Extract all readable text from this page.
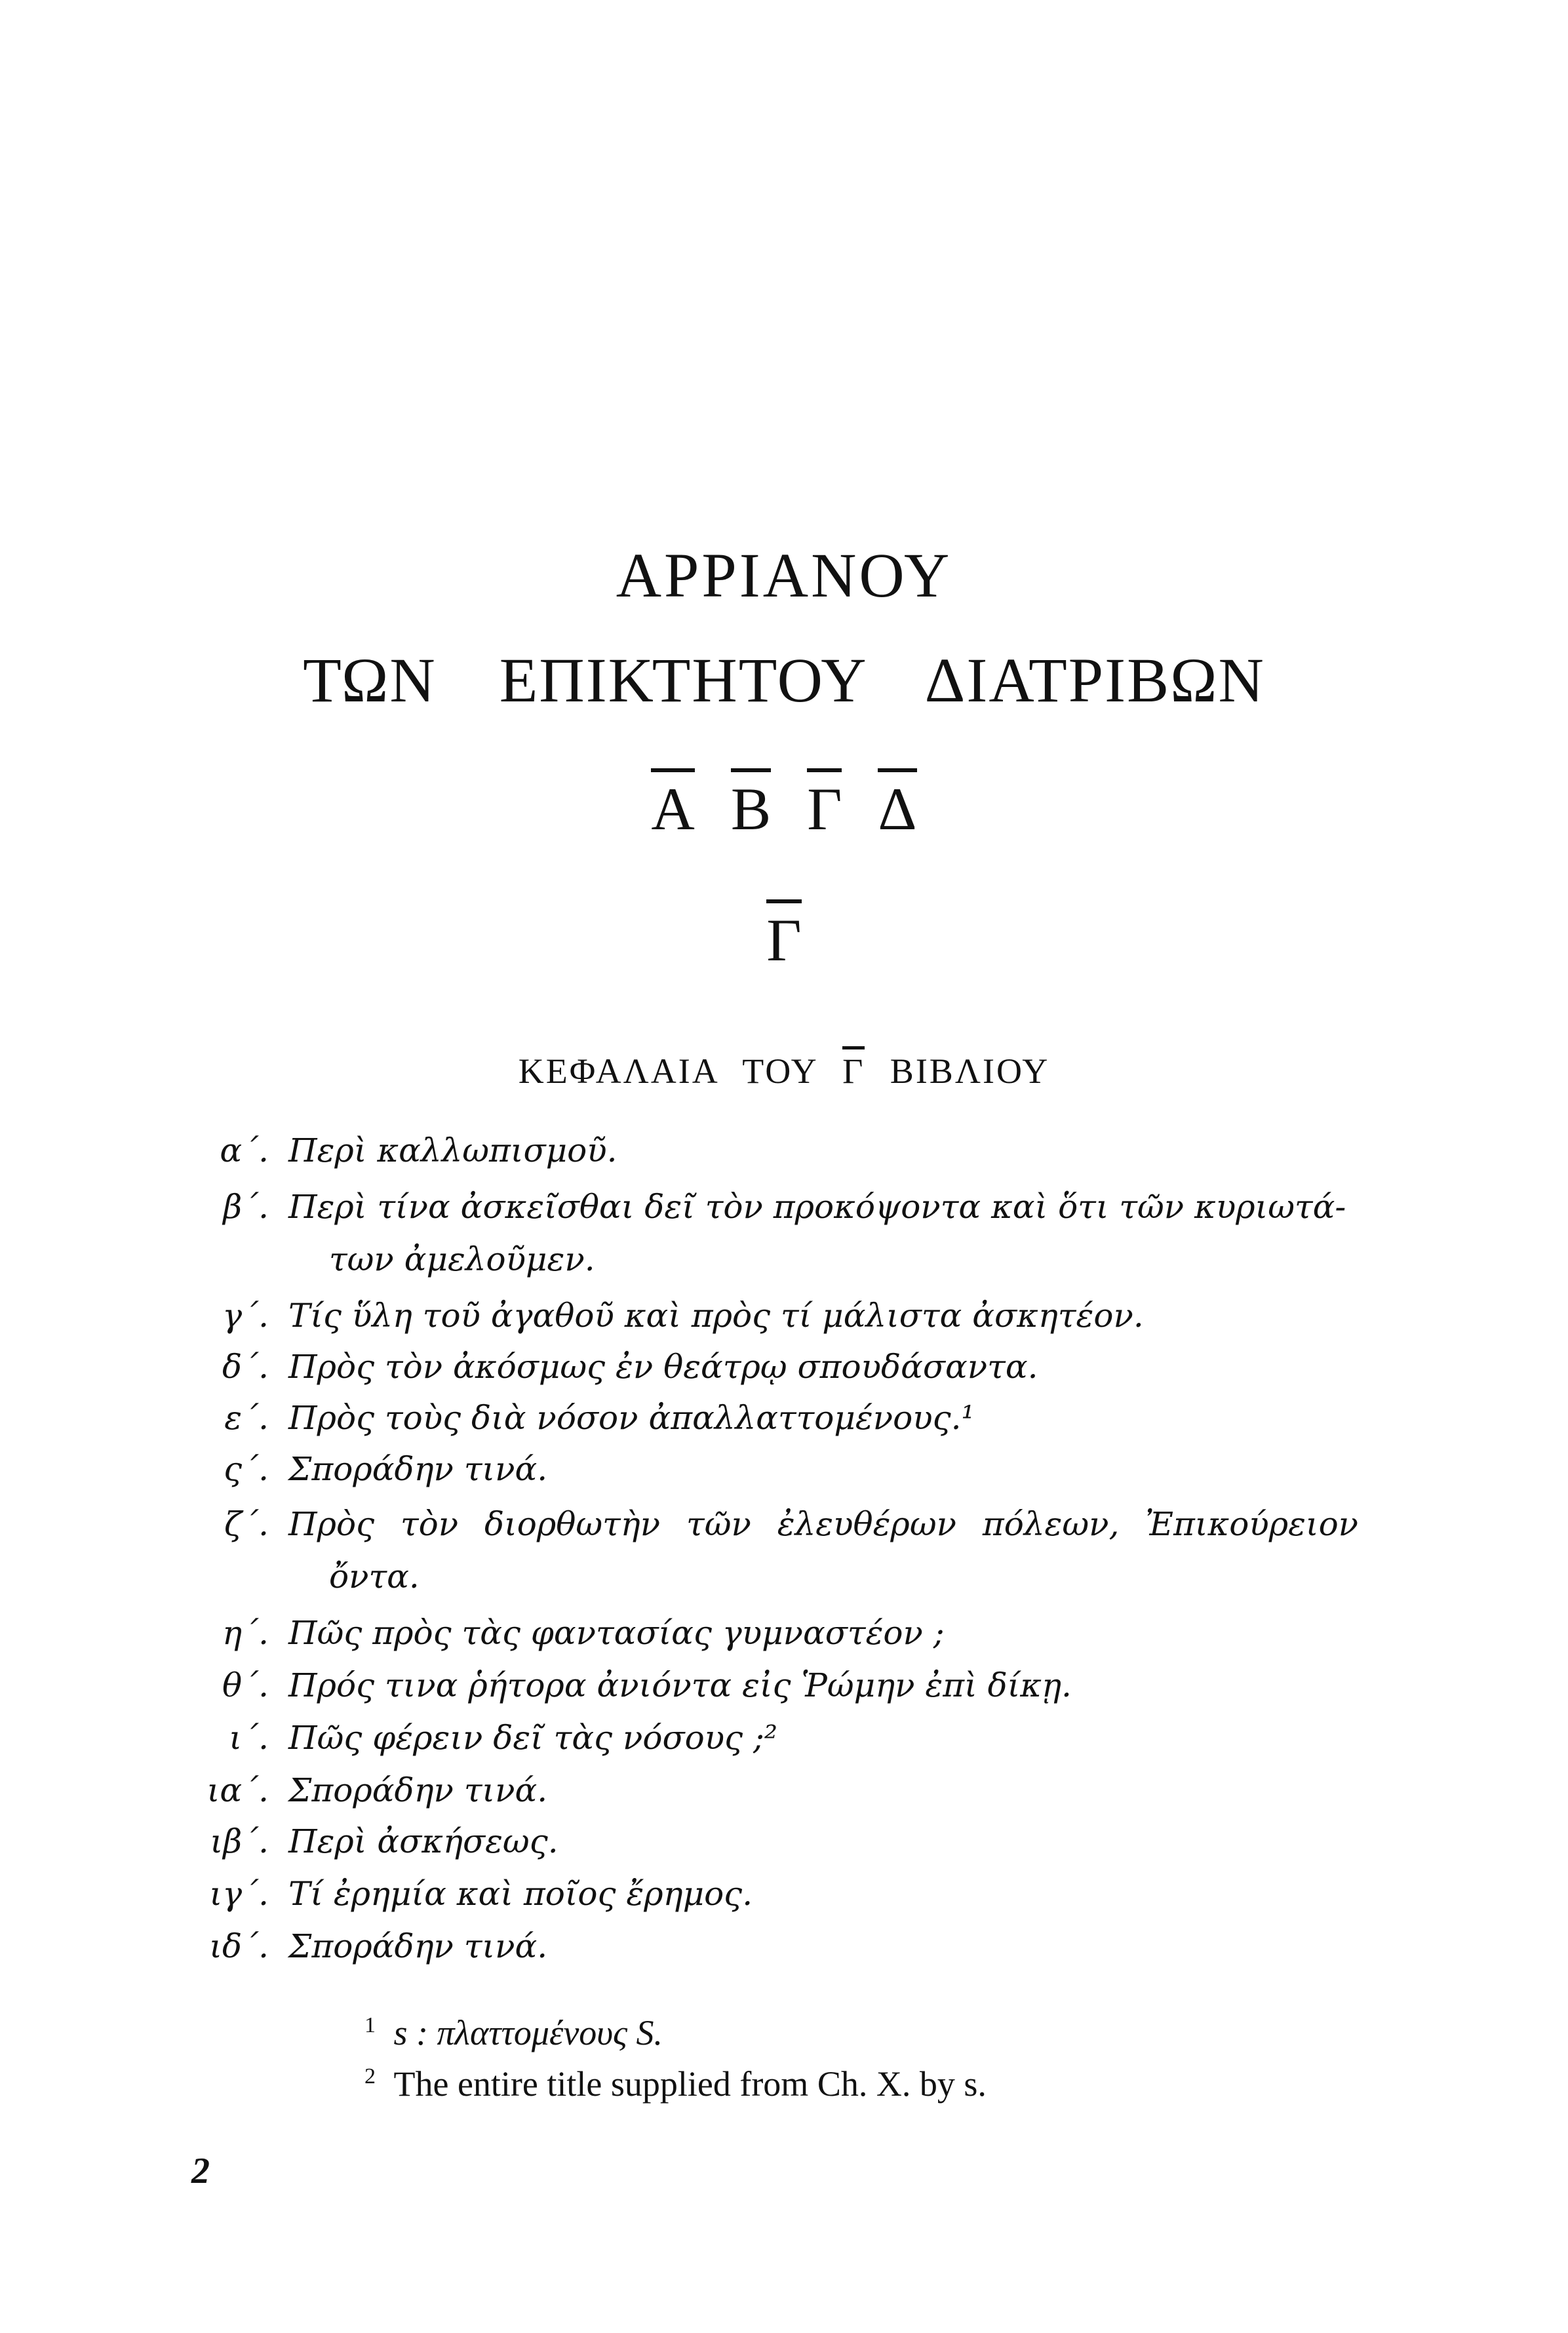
ΑΡΡΙΑΝΟΥ
ΤΩΝ ΕΠΙΚΤΗΤΟΥ ΔΙΑΤΡΙΒΩΝ
Α Β Γ Δ
Γ
ΚΕΦΑΛΑΙΑ ΤΟΥ Γ ΒΙΒΛΙΟΥ
α΄. Περὶ καλλωπισμοῦ.
β΄. Περὶ τίνα ἀσκεῖσθαι δεῖ τὸν προκόψοντα καὶ ὅτι τῶν κυριωτά-
των ἀμελοῦμεν.
γ΄. Τίς ὕλη τοῦ ἀγαθοῦ καὶ πρὸς τί μάλιστα ἀσκητέον.
δ΄. Πρὸς τὸν ἀκόσμως ἐν θεάτρῳ σπουδάσαντα.
ε΄. Πρὸς τοὺς διὰ νόσον ἀπαλλαττομένους.¹
ς΄. Σποράδην τινά.
ζ΄. Πρὸς τὸν διορθωτὴν τῶν ἐλευθέρων πόλεων, Ἐπικούρειον
ὄντα.
η΄. Πῶς πρὸς τὰς φαντασίας γυμναστέον ;
θ΄. Πρός τινα ῥήτορα ἀνιόντα εἰς Ῥώμην ἐπὶ δίκῃ.
ι΄. Πῶς φέρειν δεῖ τὰς νόσους ;²
ια΄. Σποράδην τινά.
ιβ΄. Περὶ ἀσκήσεως.
ιγ΄. Τί ἐρημία καὶ ποῖος ἔρημος.
ιδ΄. Σποράδην τινά.
$^1$ s : πλαττομένους S.
$^2$ The entire title supplied from Ch. X. by s.
2
